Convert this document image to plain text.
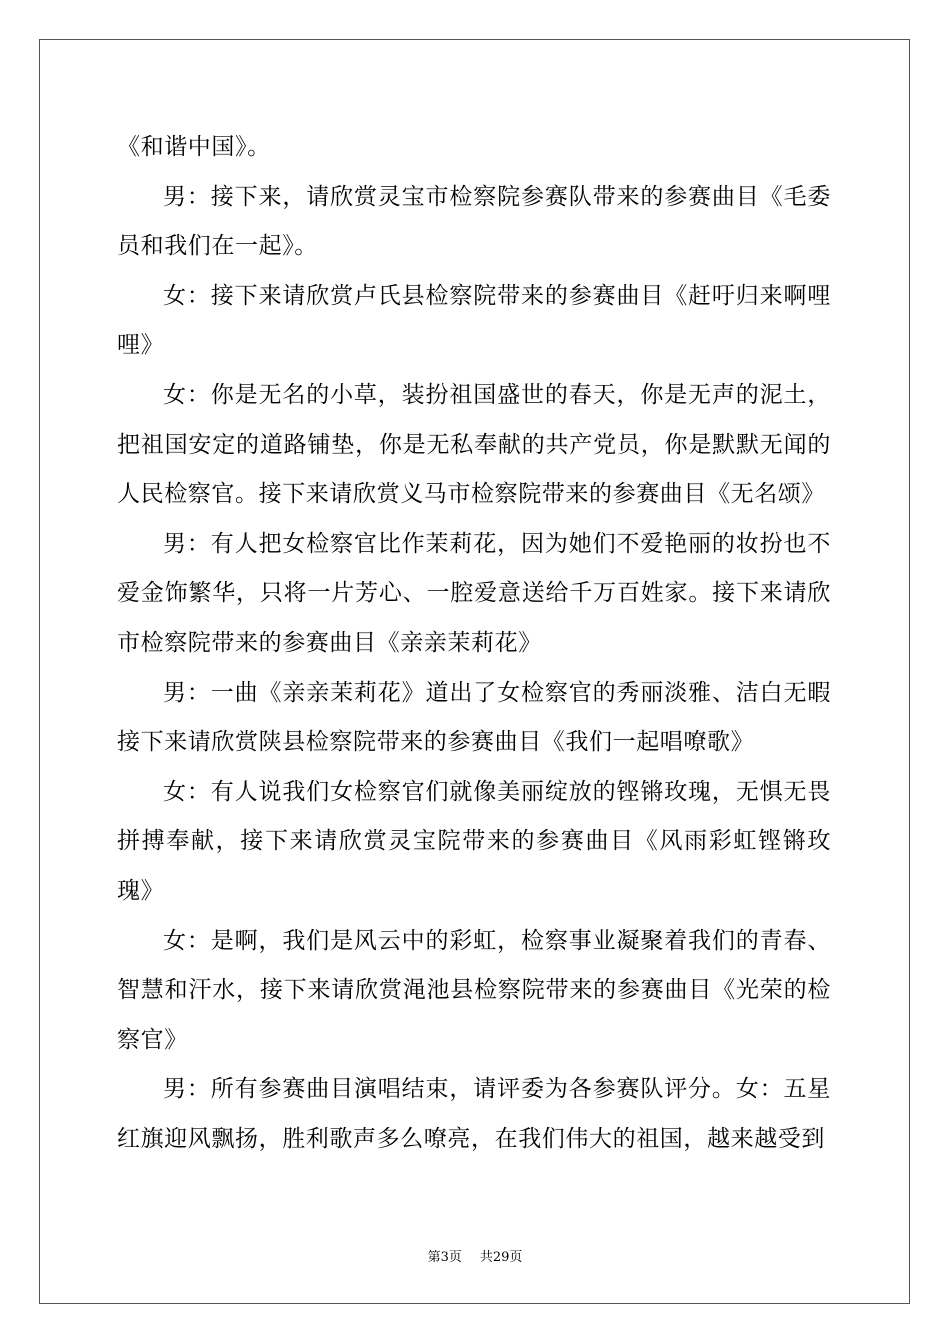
《和谐中国》。

男：接下来，请欣赏灵宝市检察院参赛队带来的参赛曲目《毛委员和我们在一起》。

女：接下来请欣赏卢氏县检察院带来的参赛曲目《赶吁归来啊哩哩》

女：你是无名的小草，装扮祖国盛世的春天，你是无声的泥土，把祖国安定的道路铺垫，你是无私奉献的共产党员，你是默默无闻的人民检察官。接下来请欣赏义马市检察院带来的参赛曲目《无名颂》

男：有人把女检察官比作茉莉花，因为她们不爱艳丽的妆扮也不爱金饰繁华，只将一片芳心、一腔爱意送给千万百姓家。接下来请欣市检察院带来的参赛曲目《亲亲茉莉花》

男：一曲《亲亲茉莉花》道出了女检察官的秀丽淡雅、洁白无暇接下来请欣赏陕县检察院带来的参赛曲目《我们一起唱嘹歌》

女：有人说我们女检察官们就像美丽绽放的铿锵玫瑰，无惧无畏拼搏奉献，接下来请欣赏灵宝院带来的参赛曲目《风雨彩虹铿锵玫瑰》

女：是啊，我们是风云中的彩虹，检察事业凝聚着我们的青春、智慧和汗水，接下来请欣赏渑池县检察院带来的参赛曲目《光荣的检察官》

男：所有参赛曲目演唱结束，请评委为各参赛队评分。女：五星红旗迎风飘扬，胜利歌声多么嘹亮，在我们伟大的祖国，越来越受到

第3页 共29页
